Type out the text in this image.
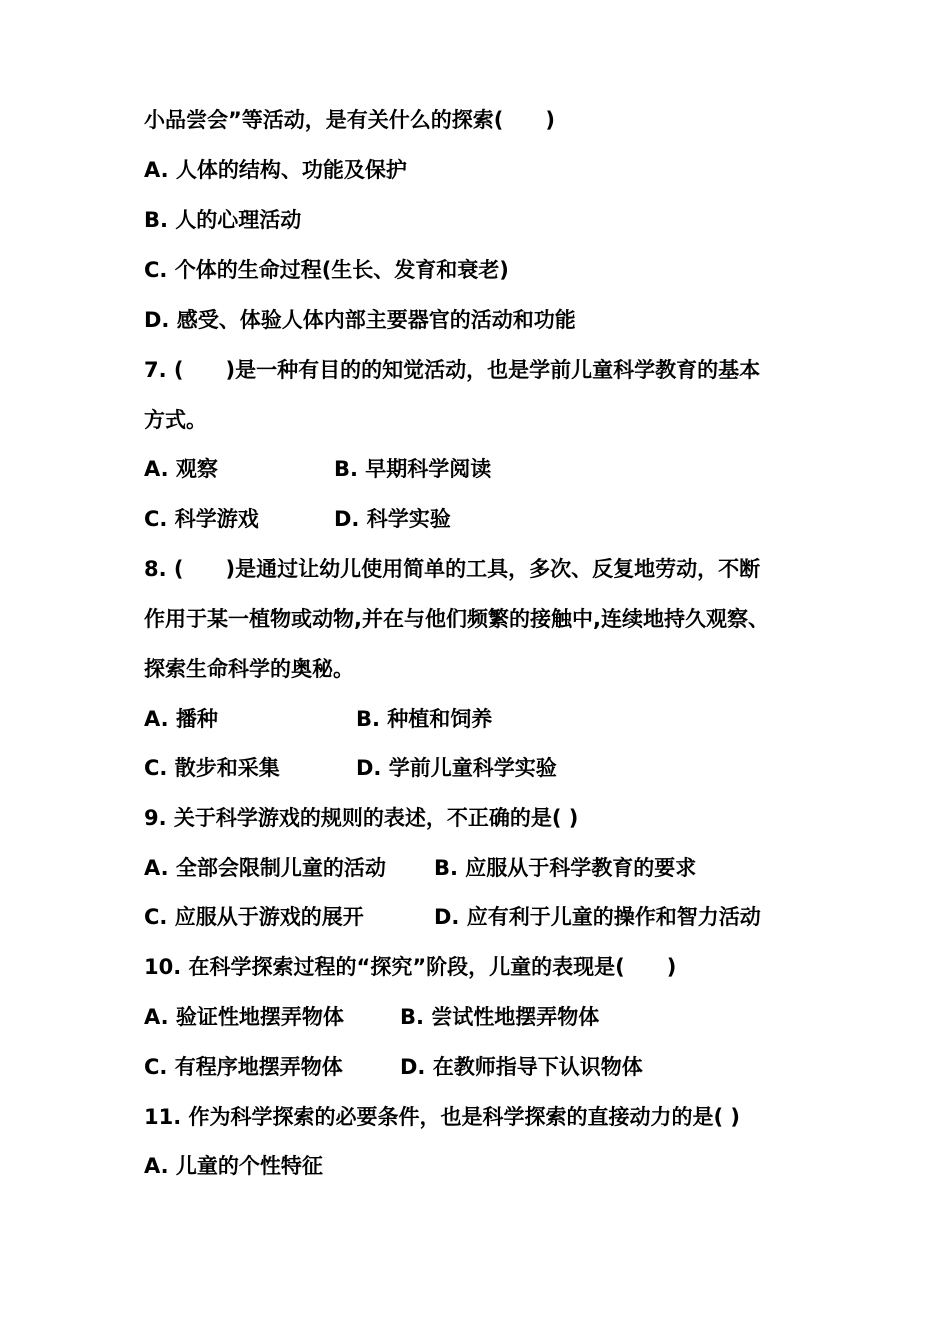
小品尝会”等活动，是有关什么的探索(　　)
A. 人体的结构、功能及保护
B. 人的心理活动
C. 个体的生命过程(生长、发育和衰老)
D. 感受、体验人体内部主要器官的活动和功能
7. (　　)是一种有目的的知觉活动，也是学前儿童科学教育的基本
方式。
A. 观察	B. 早期科学阅读
C. 科学游戏	D. 科学实验
8. (　　)是通过让幼儿使用简单的工具，多次、反复地劳动，不断
作用于某一植物或动物,并在与他们频繁的接触中,连续地持久观察、
探索生命科学的奥秘。
A. 播种	B. 种植和饲养
C. 散步和采集	D. 学前儿童科学实验
9. 关于科学游戏的规则的表述，不正确的是( )
A. 全部会限制儿童的活动 B. 应服从于科学教育的要求
C. 应服从于游戏的展开	D. 应有利于儿童的操作和智力活动
10. 在科学探索过程的“探究”阶段，儿童的表现是(　　)
A. 验证性地摆弄物体	B. 尝试性地摆弄物体
C. 有程序地摆弄物体	D. 在教师指导下认识物体
11. 作为科学探索的必要条件，也是科学探索的直接动力的是( )
A. 儿童的个性特征
